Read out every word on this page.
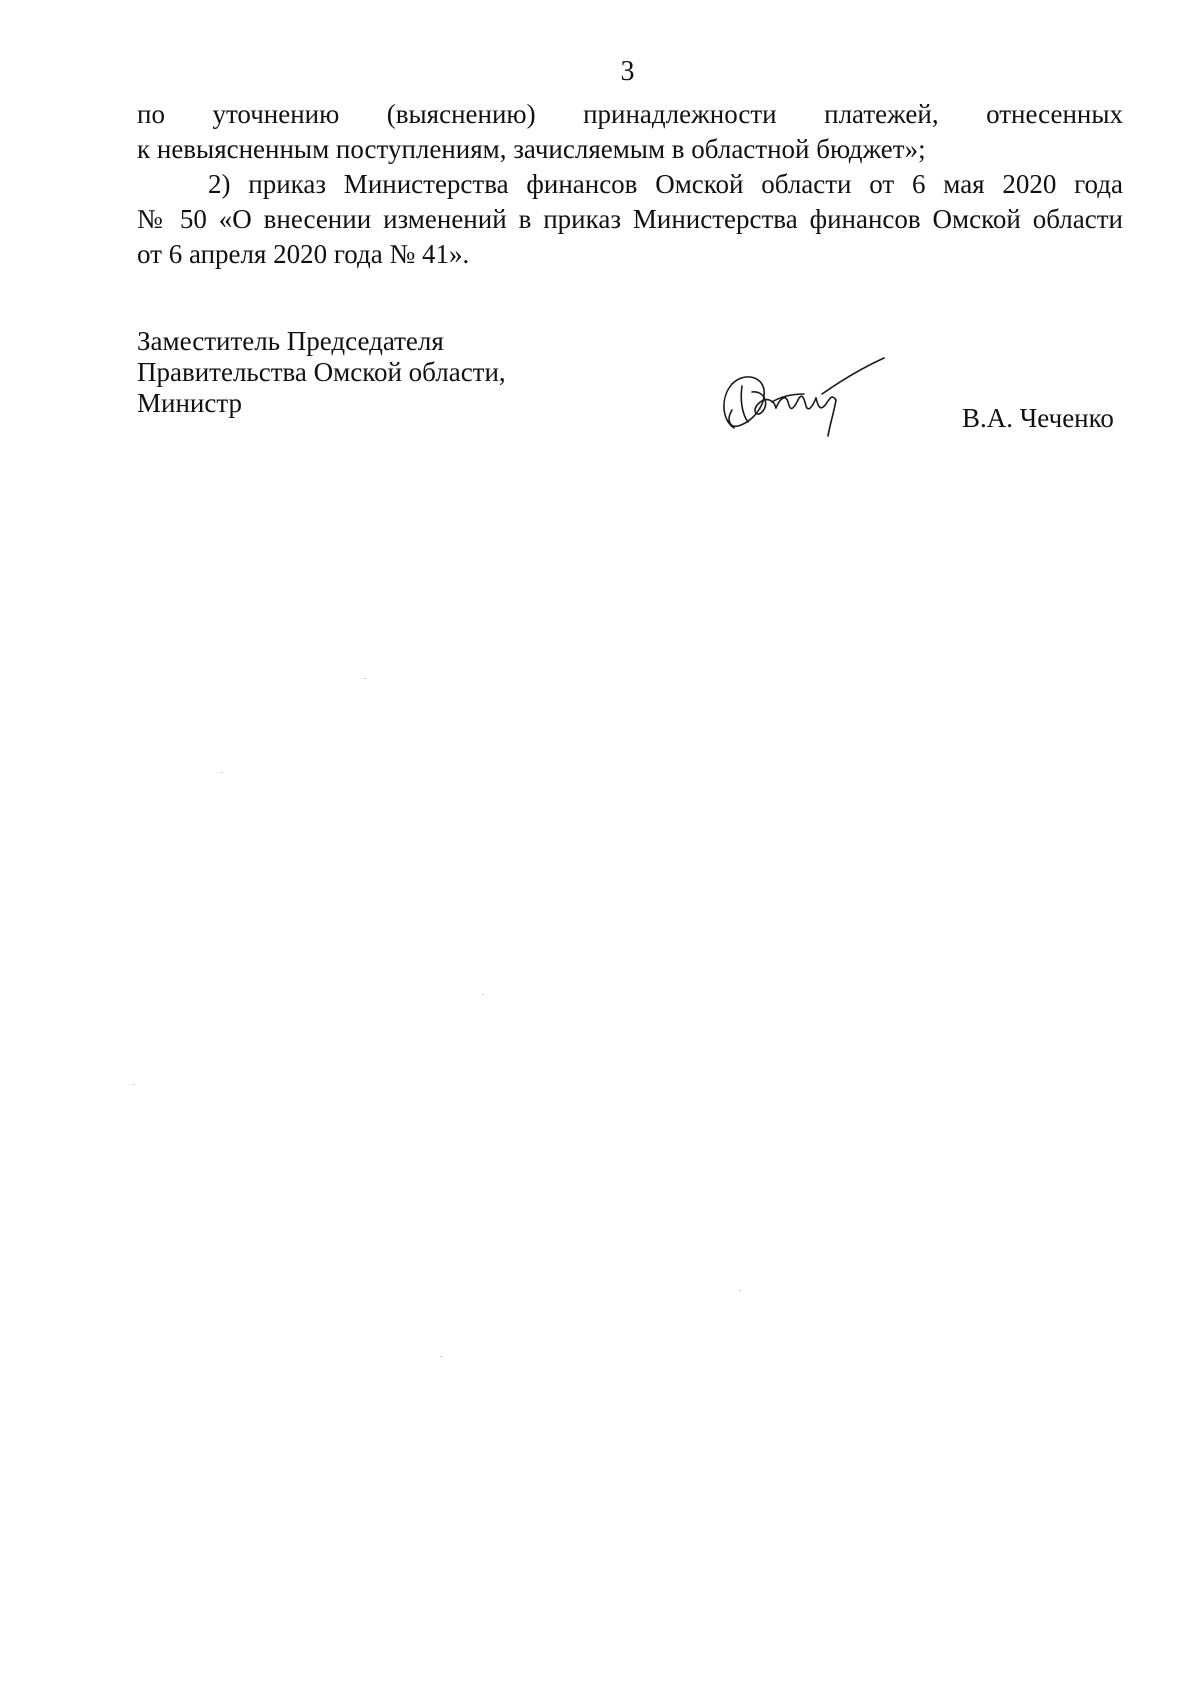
3

по уточнению (выяснению) принадлежности платежей, отнесенных

к невыясненным поступлениям, зачисляемым в областной бюджет»;

2) приказ Министерства финансов Омской области от 6 мая 2020 года

№ 50 «О внесении изменений в приказ Министерства финансов Омской области

от 6 апреля 2020 года № 41».

Заместитель Председателя
Правительства Омской области,
Министр	В.А. Чеченко
